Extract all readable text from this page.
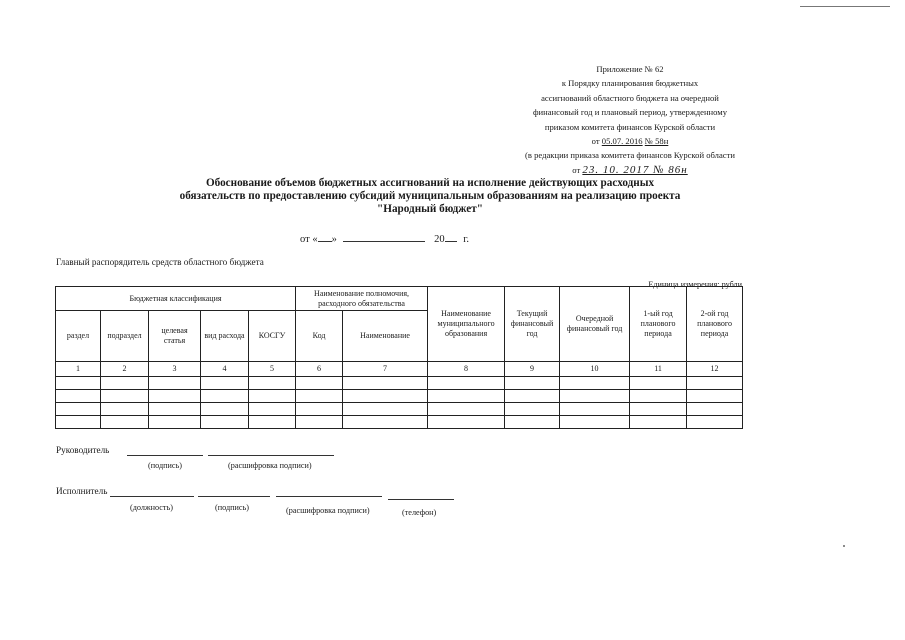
Приложение № 62
к Порядку планирования бюджетных
ассигнований областного бюджета на очередной
финансовый год и плановый период, утвержденному
приказом комитета финансов Курской области
от 05.07. 2016 № 58н
(в редакции приказа комитета финансов Курской области
от 23. 10. 2017 № 86н
Обоснование объемов бюджетных ассигнований на исполнение действующих расходных
обязательств по предоставлению субсидий муниципальным образованиям на реализацию проекта
"Народный бюджет"
от « »	20 г.
Главный распорядитель средств областного бюджета
Единица измерения: рубли
Бюджетная классификация					Наименование полномочия, расходного обязательства		Наименование муниципального образования	Текущий финансовый год	Очередной финансовый год	1-ый год планового периода	2-ой год планового периода
раздел	подраздел	целевая статья	вид расхода	КОСГУ	Код	Наименование					
1	2	3	4	5	6	7	8	9	10	11	12

Руководитель
(подпись)	(расшифровка подписи)
Исполнитель
(должность)	(подпись)	(расшифровка подписи)	(телефон)
